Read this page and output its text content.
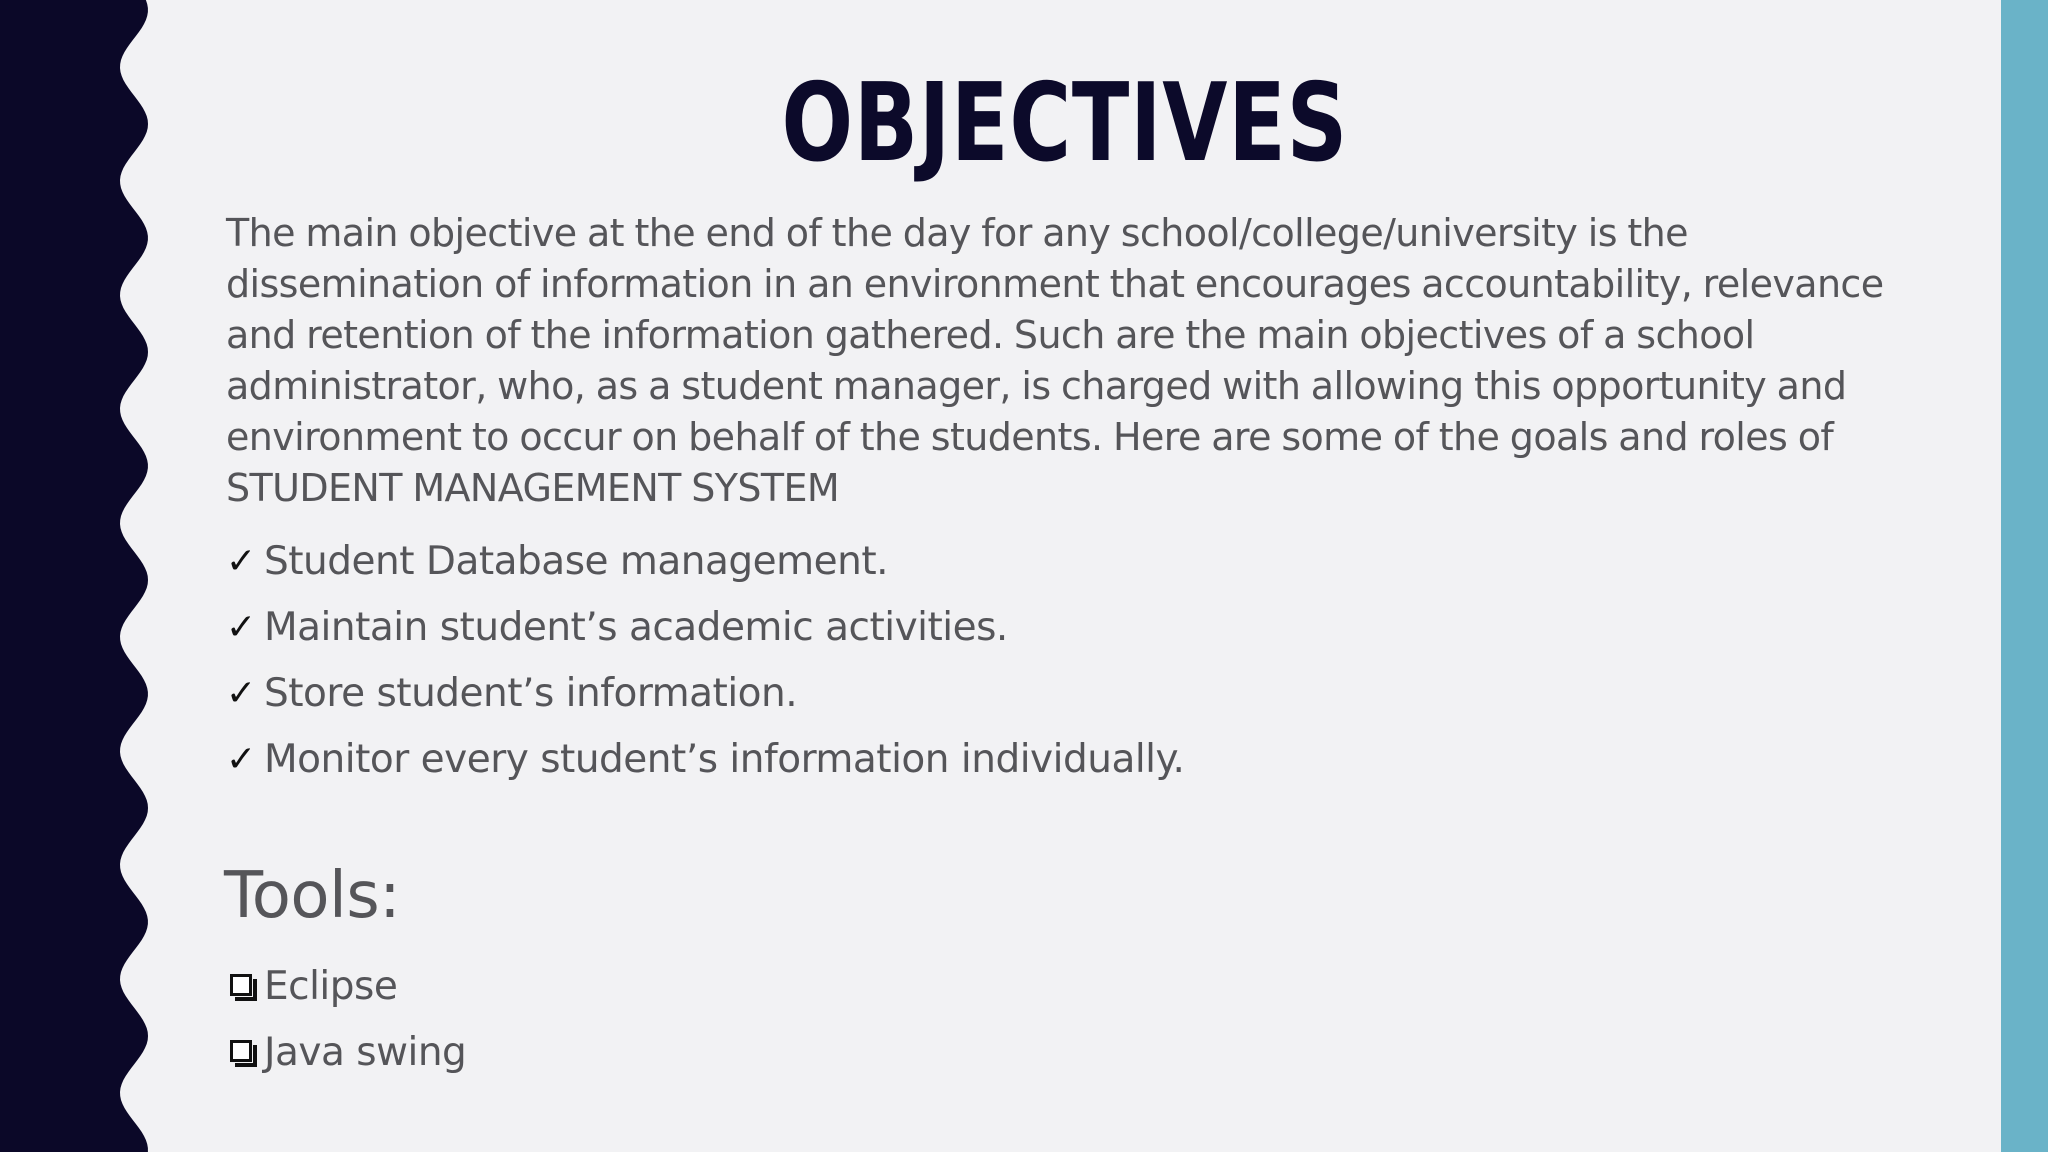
OBJECTIVES

The main objective at the end of the day for any school/college/university is the dissemination of information in an environment that encourages accountability, relevance and retention of the information gathered. Such are the main objectives of a school administrator, who, as a student manager, is charged with allowing this opportunity and environment to occur on behalf of the students. Here are some of the goals and roles of STUDENT MANAGEMENT SYSTEM

✓ Student Database management.
✓ Maintain student’s academic activities.
✓ Store student’s information.
✓ Monitor every student’s information individually.
Tools:
Eclipse
Java swing
